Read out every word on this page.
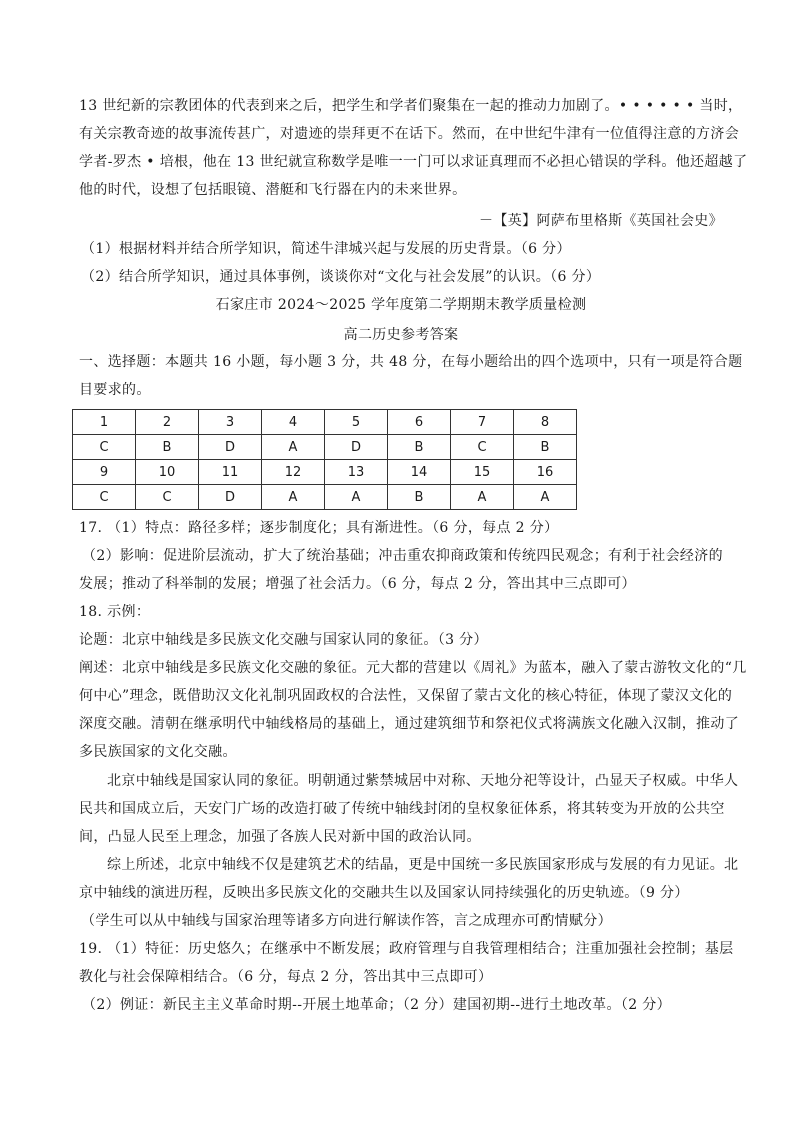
13 世纪新的宗教团体的代表到来之后，把学生和学者们聚集在一起的推动力加剧了。• • • • • • 当时，
有关宗教奇迹的故事流传甚广，对遗迹的崇拜更不在话下。然而，在中世纪牛津有一位值得注意的方济会
学者-罗杰 • 培根，他在 13 世纪就宣称数学是唯一一门可以求证真理而不必担心错误的学科。他还超越了
他的时代，设想了包括眼镜、潜艇和飞行器在内的未来世界。
－【英】阿萨布里格斯《英国社会史》
（1）根据材料并结合所学知识，简述牛津城兴起与发展的历史背景。（6 分）
（2）结合所学知识，通过具体事例，谈谈你对“文化与社会发展”的认识。（6 分）
石家庄市 2024～2025 学年度第二学期期末教学质量检测
高二历史参考答案
一、选择题：本题共 16 小题，每小题 3 分，共 48 分，在每小题给出的四个选项中，只有一项是符合题
目要求的。
1	2	3	4	5	6	7	8
C	B	D	A	D	B	C	B
9	10	11	12	13	14	15	16
C	C	D	A	A	B	A	A
17. （1）特点：路径多样；逐步制度化；具有渐进性。（6 分，每点 2 分）
（2）影响：促进阶层流动，扩大了统治基础；冲击重农抑商政策和传统四民观念；有利于社会经济的
发展；推动了科举制的发展；增强了社会活力。（6 分，每点 2 分，答出其中三点即可）
18. 示例：
论题：北京中轴线是多民族文化交融与国家认同的象征。（3 分）
阐述：北京中轴线是多民族文化交融的象征。元大都的营建以《周礼》为蓝本，融入了蒙古游牧文化的“几
何中心”理念，既借助汉文化礼制巩固政权的合法性，又保留了蒙古文化的核心特征，体现了蒙汉文化的
深度交融。清朝在继承明代中轴线格局的基础上，通过建筑细节和祭祀仪式将满族文化融入汉制，推动了
多民族国家的文化交融。
北京中轴线是国家认同的象征。明朝通过紫禁城居中对称、天地分祀等设计，凸显天子权威。中华人
民共和国成立后，天安门广场的改造打破了传统中轴线封闭的皇权象征体系，将其转变为开放的公共空
间，凸显人民至上理念，加强了各族人民对新中国的政治认同。
综上所述，北京中轴线不仅是建筑艺术的结晶，更是中国统一多民族国家形成与发展的有力见证。北
京中轴线的演进历程，反映出多民族文化的交融共生以及国家认同持续强化的历史轨迹。（9 分）
（学生可以从中轴线与国家治理等诸多方向进行解读作答，言之成理亦可酌情赋分）
19. （1）特征：历史悠久；在继承中不断发展；政府管理与自我管理相结合；注重加强社会控制；基层
教化与社会保障相结合。（6 分，每点 2 分，答出其中三点即可）
（2）例证：新民主主义革命时期--开展土地革命；（2 分）建国初期--进行土地改革。（2 分）
